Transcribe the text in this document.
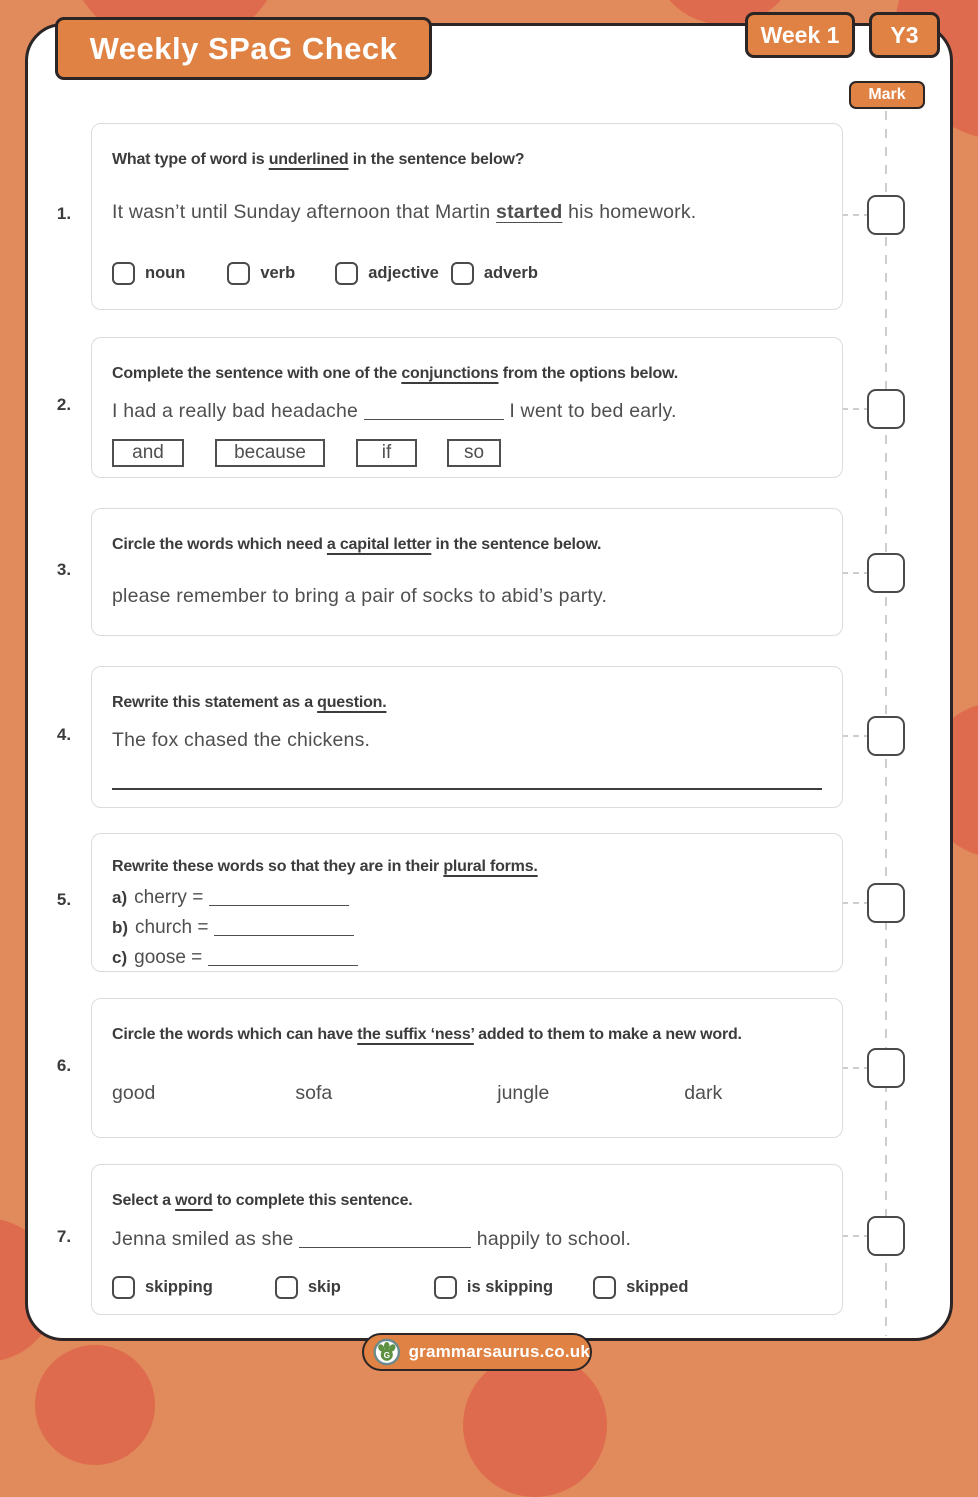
1.
2.
3.
4.
5.
6.
7.
What type of word is underlined in the sentence below?
It wasn’t until Sunday afternoon that Martin started his homework.
noun	verb	adjective	adverb
Complete the sentence with one of the conjunctions from the options below.
I had a really bad headache	I went to bed early.
and	because	if	so
Circle the words which need a capital letter in the sentence below.
please remember to bring a pair of socks to abid’s party.
Rewrite this statement as a question.
The fox chased the chickens.
Rewrite these words so that they are in their plural forms.
a) cherry =
b) church =
c) goose =
Circle the words which can have the suffix ‘ness’ added to them to make a new word.
good	sofa	jungle	dark
Select a word to complete this sentence.
Jenna smiled as she	happily to school.
skipping	skip	is skipping	skipped
Weekly SPaG Check	Week 1	Y3
Mark
G grammarsaurus.co.uk
